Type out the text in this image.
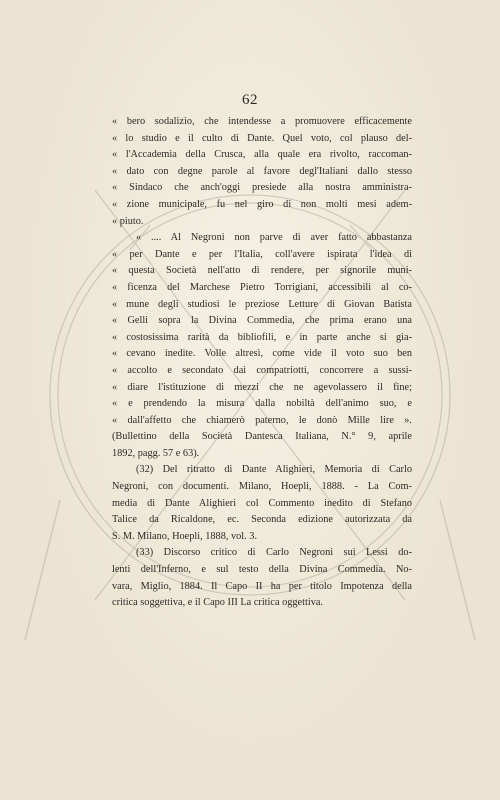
62
« bero sodalizio, che intendesse a promuovere efficacemente
« lo studio e il culto di Dante. Quel voto, col plauso del-
« l'Accademia della Crusca, alla quale era rivolto, raccoman-
« dato con degne parole al favore degl'Italiani dallo stesso
« Sindaco che anch'oggi presiede alla nostra amministra-
« zione municipale, fu nel giro di non molti mesi adem-
« piuto.
« .... Al Negroni non parve di aver fatto abbastanza
« per Dante e per l'Italia, coll'avere ispirata l'idea di
« questa Società nell'atto di rendere, per signorile muni-
« ficenza del Marchese Pietro Torrigiani, accessibili al co-
« mune degli studiosi le preziose Letture di Giovan Batista
« Gelli sopra la Divina Commedia, che prima erano una
« costosissima rarità da bibliofili, e in parte anche si gia-
« cevano inedite. Volle altresì, come vide il voto suo ben
« accolto e secondato dai compatriotti, concorrere a sussi-
« diare l'istituzione di mezzi che ne agevolassero il fine;
« e prendendo la misura dalla nobiltà dell'animo suo, e
« dall'affetto che chiamerò paterno, le donò Mille lire ».
(Bullettino della Società Dantesca Italiana, N.° 9, aprile
1892, pagg. 57 e 63).
(32) Del ritratto di Dante Alighieri, Memoria di Carlo
Negroni, con documenti. Milano, Hoepli, 1888. - La Com-
media di Dante Alighieri col Commento inedito di Stefano
Talice da Ricaldone, ec. Seconda edizione autorizzata da
S. M. Milano, Hoepli, 1888, vol. 3.
(33) Discorso critico di Carlo Negroni sui Lessi do-
lenti dell'Inferno, e sul testo della Divina Commedia. No-
vara, Miglio, 1884. Il Capo II ha per titolo Impotenza della
critica soggettiva, e il Capo III La critica oggettiva.
